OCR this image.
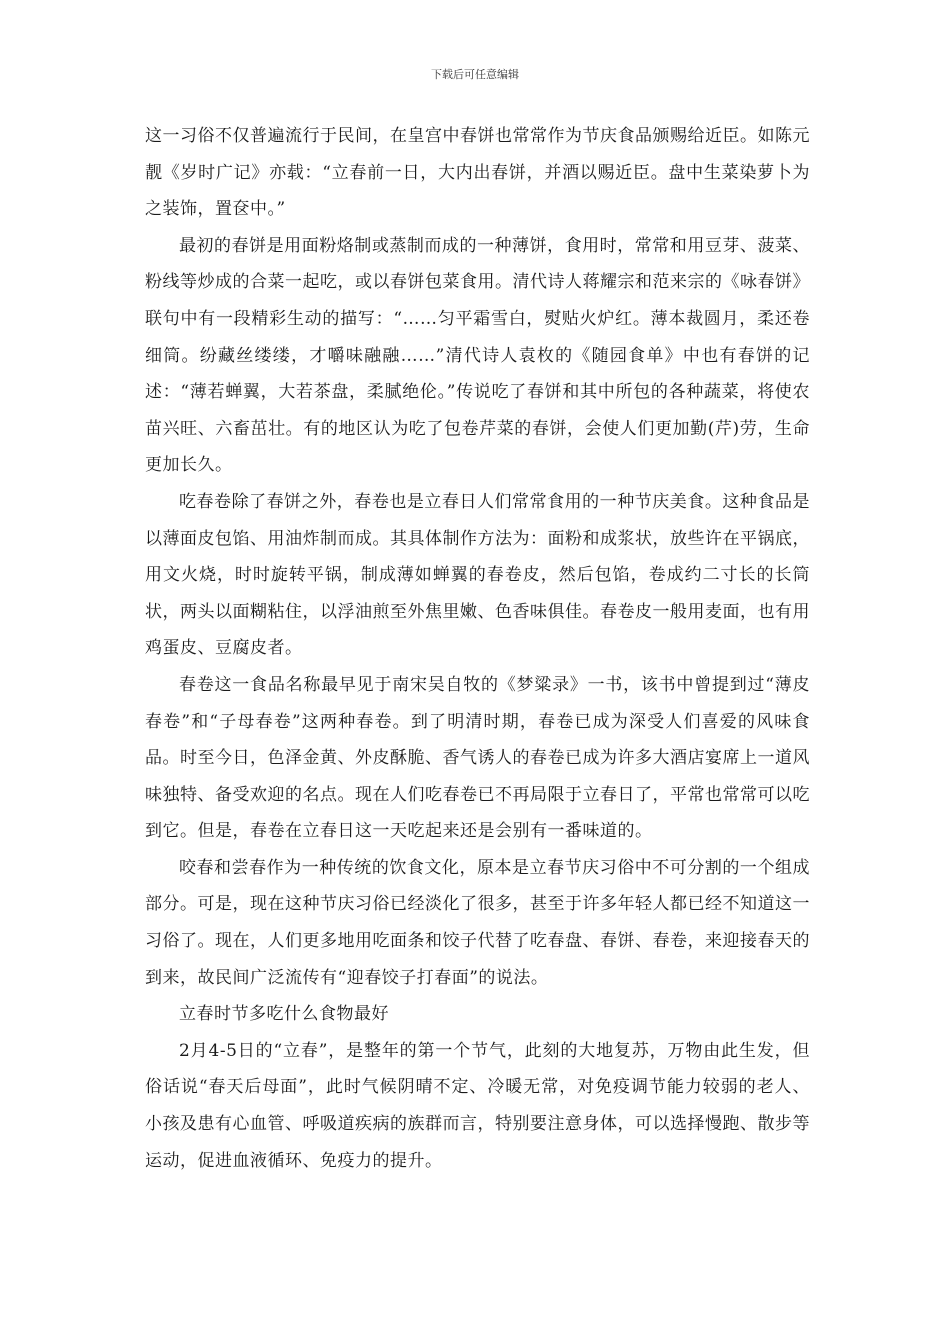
下载后可任意编辑

这一习俗不仅普遍流行于民间，在皇宫中春饼也常常作为节庆食品颁赐给近臣。如陈元靓《岁时广记》亦载：“立春前一日，大内出春饼，并酒以赐近臣。盘中生菜染萝卜为之装饰，置奁中。”

最初的春饼是用面粉烙制或蒸制而成的一种薄饼，食用时，常常和用豆芽、菠菜、粉线等炒成的合菜一起吃，或以春饼包菜食用。清代诗人蒋耀宗和范来宗的《咏春饼》联句中有一段精彩生动的描写：“……匀平霜雪白，熨贴火炉红。薄本裁圆月，柔还卷细筒。纷藏丝缕缕，才嚼味融融……”清代诗人袁枚的《随园食单》中也有春饼的记述：“薄若蝉翼，大若茶盘，柔腻绝伦。”传说吃了春饼和其中所包的各种蔬菜，将使农苗兴旺、六畜茁壮。有的地区认为吃了包卷芹菜的春饼，会使人们更加勤(芹)劳，生命更加长久。

吃春卷除了春饼之外，春卷也是立春日人们常常食用的一种节庆美食。这种食品是以薄面皮包馅、用油炸制而成。其具体制作方法为：面粉和成浆状，放些许在平锅底，用文火烧，时时旋转平锅，制成薄如蝉翼的春卷皮，然后包馅，卷成约二寸长的长筒状，两头以面糊粘住，以浮油煎至外焦里嫩、色香味俱佳。春卷皮一般用麦面，也有用鸡蛋皮、豆腐皮者。

春卷这一食品名称最早见于南宋吴自牧的《梦粱录》一书，该书中曾提到过“薄皮春卷”和“子母春卷”这两种春卷。到了明清时期，春卷已成为深受人们喜爱的风味食品。时至今日，色泽金黄、外皮酥脆、香气诱人的春卷已成为许多大酒店宴席上一道风味独特、备受欢迎的名点。现在人们吃春卷已不再局限于立春日了，平常也常常可以吃到它。但是，春卷在立春日这一天吃起来还是会别有一番味道的。

咬春和尝春作为一种传统的饮食文化，原本是立春节庆习俗中不可分割的一个组成部分。可是，现在这种节庆习俗已经淡化了很多，甚至于许多年轻人都已经不知道这一习俗了。现在，人们更多地用吃面条和饺子代替了吃春盘、春饼、春卷，来迎接春天的到来，故民间广泛流传有“迎春饺子打春面”的说法。

立春时节多吃什么食物最好

2月4-5日的“立春”，是整年的第一个节气，此刻的大地复苏，万物由此生发，但俗话说“春天后母面”，此时气候阴晴不定、冷暖无常，对免疫调节能力较弱的老人、小孩及患有心血管、呼吸道疾病的族群而言，特别要注意身体，可以选择慢跑、散步等运动，促进血液循环、免疫力的提升。
